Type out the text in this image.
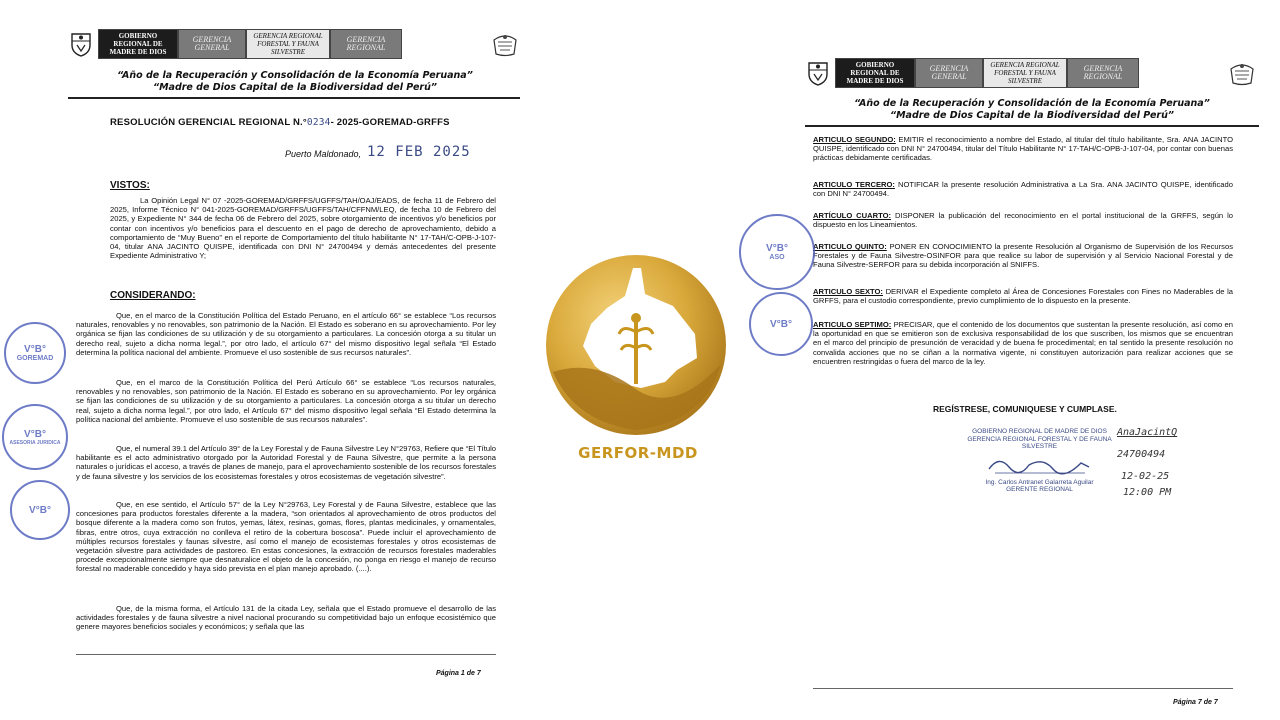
GOBIERNO REGIONAL DE MADRE DE DIOS
GERENCIA GENERAL
GERENCIA REGIONAL FORESTAL Y FAUNA SILVESTRE
GERENCIA REGIONAL
“Año de la Recuperación y Consolidación de la Economía Peruana”
“Madre de Dios Capital de la Biodiversidad del Perú”
RESOLUCIÓN GERENCIAL REGIONAL N.°0234- 2025-GOREMAD-GRFFS
Puerto Maldonado, 12 FEB 2025
VISTOS:

La Opinión Legal N° 07 -2025-GOREMAD/GRFFS/UGFFS/TAH/OAJ/EADS, de fecha 11 de Febrero del 2025, Informe Técnico N° 041-2025-GOREMAD/GRFFS/UGFFS/TAH/CFFNM/LEQ, de fecha 10 de Febrero del 2025, y Expediente N° 344 de fecha 06 de Febrero del 2025, sobre otorgamiento de incentivos y/o beneficios por contar con incentivos y/o beneficios para el descuento en el pago de derecho de aprovechamiento, debido a comportamiento de “Muy Bueno” en el reporte de Comportamiento del título habilitante N° 17-TAH/C-OPB-J-107-04, titular ANA JACINTO QUISPE, identificada con DNI N° 24700494 y demás antecedentes del presente Expediente Administrativo Y;

CONSIDERANDO:

Que, en el marco de la Constitución Política del Estado Peruano, en el artículo 66° se establece “Los recursos naturales, renovables y no renovables, son patrimonio de la Nación. El Estado es soberano en su aprovechamiento. Por ley orgánica se fijan las condiciones de su utilización y de su otorgamiento a particulares. La concesión otorga a su titular un derecho real, sujeto a dicha norma legal.”, por otro lado, el artículo 67° del mismo dispositivo legal señala “El Estado determina la política nacional del ambiente. Promueve el uso sostenible de sus recursos naturales”.

Que, en el marco de la Constitución Política del Perú Artículo 66° se establece “Los recursos naturales, renovables y no renovables, son patrimonio de la Nación. El Estado es soberano en su aprovechamiento. Por ley orgánica se fijan las condiciones de su utilización y de su otorgamiento a particulares. La concesión otorga a su titular un derecho real, sujeto a dicha norma legal.”, por otro lado, el Artículo 67° del mismo dispositivo legal señala “El Estado determina la política nacional del ambiente. Promueve el uso sostenible de sus recursos naturales”.

Que, el numeral 39.1 del Artículo 39° de la Ley Forestal y de Fauna Silvestre Ley N°29763, Refiere que “El Título habilitante es el acto administrativo otorgado por la Autoridad Forestal y de Fauna Silvestre, que permite a la persona naturales o jurídicas el acceso, a través de planes de manejo, para el aprovechamiento sostenible de los recursos forestales y de fauna silvestre y los servicios de los ecosistemas forestales y otros ecosistemas de vegetación silvestre”.

Que, en ese sentido, el Artículo 57° de la Ley N°29763, Ley Forestal y de Fauna Silvestre, establece que las concesiones para productos forestales diferente a la madera, “son orientados al aprovechamiento de otros productos del bosque diferente a la madera como son frutos, yemas, látex, resinas, gomas, flores, plantas medicinales, y ornamentales, fibras, entre otros, cuya extracción no conlleva el retiro de la cobertura boscosa”. Puede incluir el aprovechamiento de múltiples recursos forestales y faunas silvestre, así como el manejo de ecosistemas forestales y otros ecosistemas de vegetación silvestre para actividades de pastoreo. En estas concesiones, la extracción de recursos forestales maderables procede excepcionalmente siempre que desnaturalice el objeto de la concesión, no ponga en riesgo el manejo de recurso forestal no maderable concedido y haya sido prevista en el plan manejo aprobado. (....).

Que, de la misma forma, el Artículo 131 de la citada Ley, señala que el Estado promueve el desarrollo de las actividades forestales y de fauna silvestre a nivel nacional procurando su competitividad bajo un enfoque ecosistémico que genere mayores beneficios sociales y económicos; y señala que las

Página 1 de 7
V°B°
GOREMAD
V°B°
ASESORIA JURIDICA
V°B°
GERFOR-MDD
GOBIERNO REGIONAL DE MADRE DE DIOS
GERENCIA GENERAL
GERENCIA REGIONAL FORESTAL Y FAUNA SILVESTRE
GERENCIA REGIONAL
“Año de la Recuperación y Consolidación de la Economía Peruana”
“Madre de Dios Capital de la Biodiversidad del Perú”

ARTICULO SEGUNDO: EMITIR el reconocimiento a nombre del Estado, al titular del título habilitante, Sra. ANA JACINTO QUISPE, identificado con DNI N° 24700494, titular del Título Habilitante N° 17-TAH/C-OPB-J-107-04, por contar con buenas prácticas debidamente certificadas.

ARTICULO TERCERO: NOTIFICAR la presente resolución Administrativa a La Sra. ANA JACINTO QUISPE, identificado con DNI N° 24700494.

ARTÍCULO CUARTO: DISPONER la publicación del reconocimiento en el portal institucional de la GRFFS, según lo dispuesto en los Lineamientos.

ARTICULO QUINTO: PONER EN CONOCIMIENTO la presente Resolución al Organismo de Supervisión de los Recursos Forestales y de Fauna Silvestre-OSINFOR para que realice su labor de supervisión y al Servicio Nacional Forestal y de Fauna Silvestre-SERFOR para su debida incorporación al SNIFFS.

ARTICULO SEXTO: DERIVAR el Expediente completo al Área de Concesiones Forestales con Fines no Maderables de la GRFFS, para el custodio correspondiente, previo cumplimiento de lo dispuesto en la presente.

ARTICULO SEPTIMO: PRECISAR, que el contenido de los documentos que sustentan la presente resolución, así como en la oportunidad en que se emitieron son de exclusiva responsabilidad de los que suscriben, los mismos que se encuentran en el marco del principio de presunción de veracidad y de buena fe procedimental; en tal sentido la presente resolución no convalida acciones que no se ciñan a la normativa vigente, ni constituyen autorización para realizar acciones que se encuentren restringidas o fuera del marco de la ley.

REGÍSTRESE, COMUNIQUESE Y CUMPLASE.
GOBIERNO REGIONAL DE MADRE DE DIOS
GERENCIA REGIONAL FORESTAL Y DE FAUNA SILVESTRE
Ing. Carlos Antranet Galarreta Aguilar
GERENTE REGIONAL
AnaJacintQ
24700494
12-02-25
12:00 PM
Página 7 de 7
V°B°
ASO
V°B°
